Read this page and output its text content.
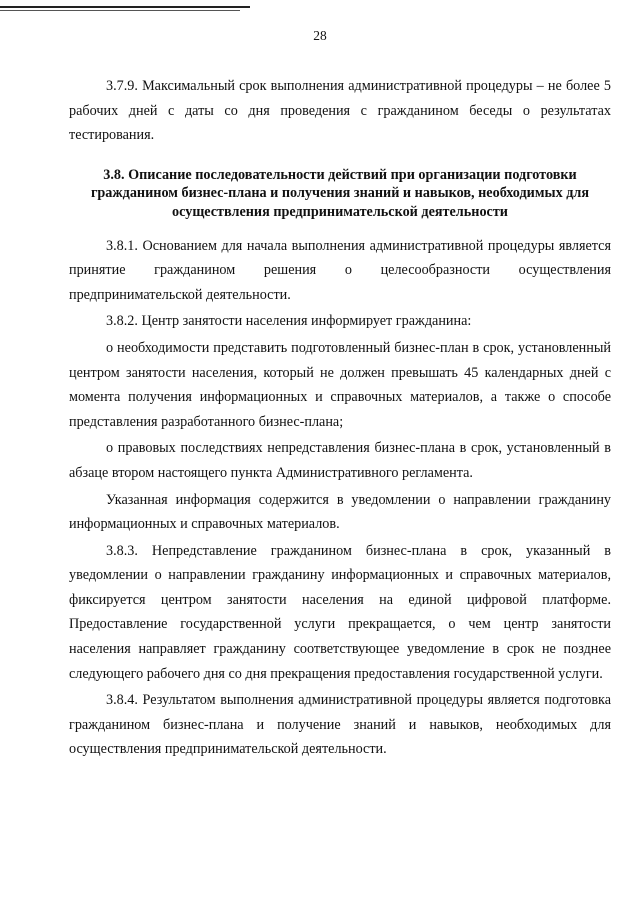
28

3.7.9. Максимальный срок выполнения административной процедуры – не более 5 рабочих дней с даты со дня проведения с гражданином беседы о результатах тестирования.

3.8. Описание последовательности действий при организации подготовки гражданином бизнес-плана и получения знаний и навыков, необходимых для осуществления предпринимательской деятельности

3.8.1. Основанием для начала выполнения административной процедуры является принятие гражданином решения о целесообразности осуществления предпринимательской деятельности.

3.8.2. Центр занятости населения информирует гражданина:

о необходимости представить подготовленный бизнес-план в срок, установленный центром занятости населения, который не должен превышать 45 календарных дней с момента получения информационных и справочных материалов, а также о способе представления разработанного бизнес-плана;

о правовых последствиях непредставления бизнес-плана в срок, установленный в абзаце втором настоящего пункта Административного регламента.

Указанная информация содержится в уведомлении о направлении гражданину информационных и справочных материалов.

3.8.3. Непредставление гражданином бизнес-плана в срок, указанный в уведомлении о направлении гражданину информационных и справочных материалов, фиксируется центром занятости населения на единой цифровой платформе. Предоставление государственной услуги прекращается, о чем центр занятости населения направляет гражданину соответствующее уведомление в срок не позднее следующего рабочего дня со дня прекращения предоставления государственной услуги.

3.8.4. Результатом выполнения административной процедуры является подготовка гражданином бизнес-плана и получение знаний и навыков, необходимых для осуществления предпринимательской деятельности.
